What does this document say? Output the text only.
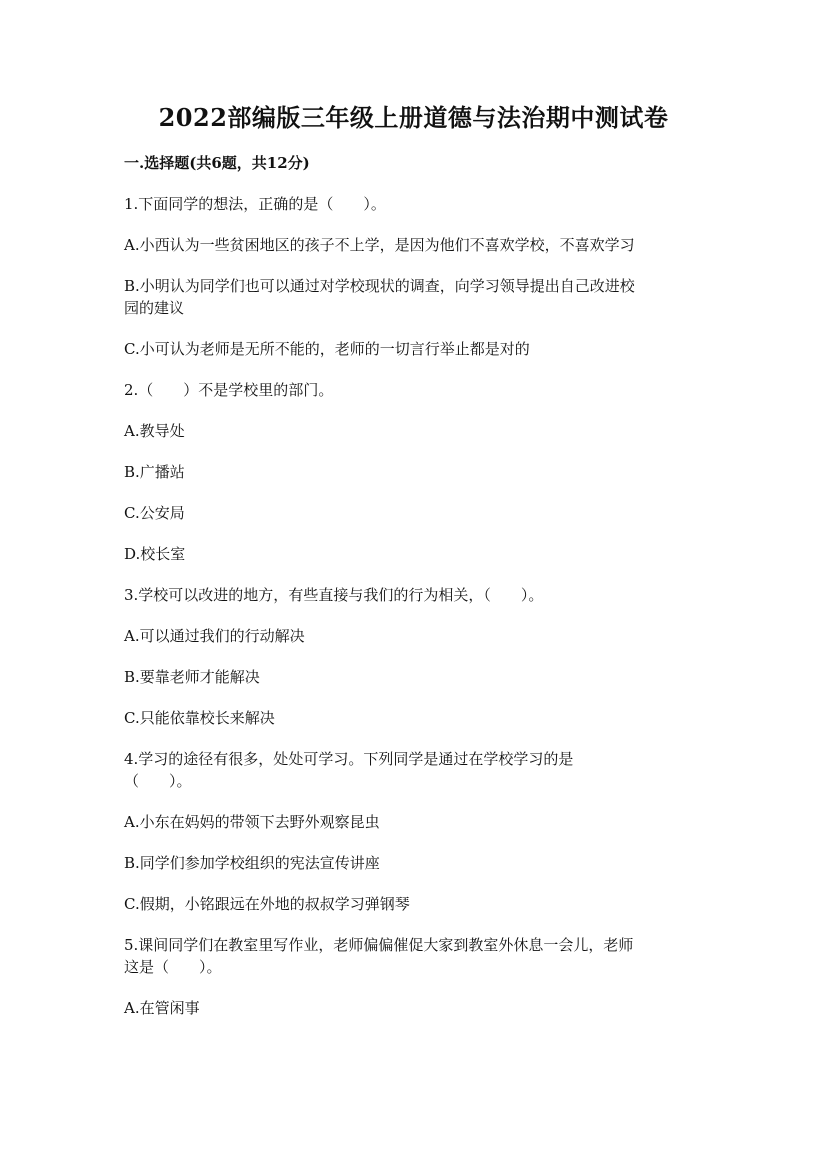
2022部编版三年级上册道德与法治期中测试卷
一.选择题(共6题，共12分)
1.下面同学的想法，正确的是（　　）。
A.小西认为一些贫困地区的孩子不上学，是因为他们不喜欢学校，不喜欢学习
B.小明认为同学们也可以通过对学校现状的调查，向学习领导提出自己改进校
园的建议
C.小可认为老师是无所不能的，老师的一切言行举止都是对的
2.（　　）不是学校里的部门。
A.教导处
B.广播站
C.公安局
D.校长室
3.学校可以改进的地方，有些直接与我们的行为相关，（　　）。
A.可以通过我们的行动解决
B.要靠老师才能解决
C.只能依靠校长来解决
4.学习的途径有很多，处处可学习。下列同学是通过在学校学习的是
（　　）。
A.小东在妈妈的带领下去野外观察昆虫
B.同学们参加学校组织的宪法宣传讲座
C.假期，小铭跟远在外地的叔叔学习弹钢琴
5.课间同学们在教室里写作业，老师偏偏催促大家到教室外休息一会儿，老师
这是（　　）。
A.在管闲事
